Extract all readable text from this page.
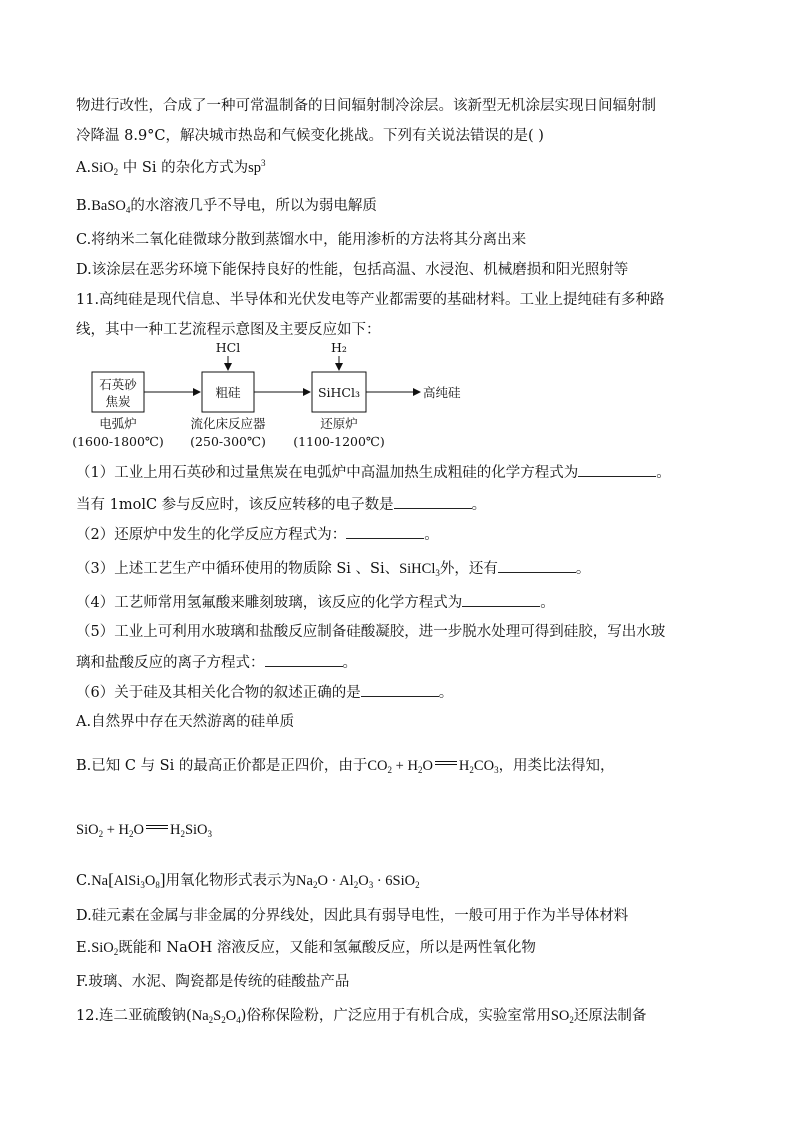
物进行改性，合成了一种可常温制备的日间辐射制冷涂层。该新型无机涂层实现日间辐射制
冷降温 8.9°C，解决城市热岛和气候变化挑战。下列有关说法错误的是( )
A.SiO$_2$ 中 Si 的杂化方式为$sp^3$
B.BaSO$_4$的水溶液几乎不导电，所以为弱电解质
C.将纳米二氧化硅微球分散到蒸馏水中，能用渗析的方法将其分离出来
D.该涂层在恶劣环境下能保持良好的性能，包括高温、水浸泡、机械磨损和阳光照射等
11.高纯硅是现代信息、半导体和光伏发电等产业都需要的基础材料。工业上提纯硅有多种路
线，其中一种工艺流程示意图及主要反应如下：
石英砂
焦炭
粗硅
HCl
SiHCl₃
H₂
高纯硅
电弧炉
(1600-1800℃)
流化床反应器
(250-300℃)
还原炉
(1100-1200℃)
（1）工业上用石英砂和过量焦炭在电弧炉中高温加热生成粗硅的化学方程式为	。
当有 1molC 参与反应时，该反应转移的电子数是	。
（2）还原炉中发生的化学反应方程式为：	。
（3）上述工艺生产中循环使用的物质除 Si 、Si、SiHCl$_3$外，还有	。
（4）工艺师常用氢氟酸来雕刻玻璃，该反应的化学方程式为	。
（5）工业上可利用水玻璃和盐酸反应制备硅酸凝胶，进一步脱水处理可得到硅胶，写出水玻
璃和盐酸反应的离子方程式：	。
（6）关于硅及其相关化合物的叙述正确的是	。
A.自然界中存在天然游离的硅单质
B.已知 C 与 Si 的最高正价都是正四价，由于$CO_2 + H_2O$ $H_2CO_3$，用类比法得知，
$SiO_2 + H_2O$ $H_2SiO_3$
$C.Na[AlSi_3O_8]$用氧化物形式表示为$Na_2O \cdot Al_2O_3 \cdot 6SiO_2$
D.硅元素在金属与非金属的分界线处，因此具有弱导电性，一般可用于作为半导体材料
E.SiO$_2$既能和 NaOH 溶液反应，又能和氢氟酸反应，所以是两性氧化物
F.玻璃、水泥、陶瓷都是传统的硅酸盐产品
12.连二亚硫酸钠$(Na_2S_2O_4)$俗称保险粉，广泛应用于有机合成，实验室常用$SO_2$还原法制备
